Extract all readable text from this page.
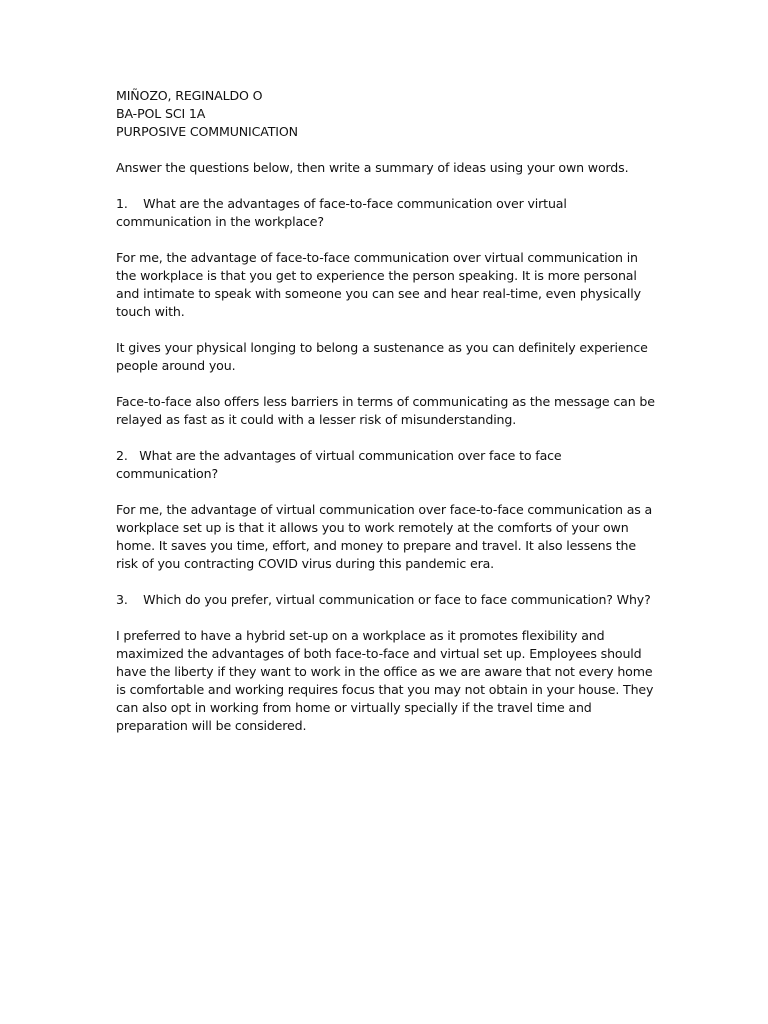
MIÑOZO, REGINALDO O
BA-POL SCI 1A
PURPOSIVE COMMUNICATION

Answer the questions below, then write a summary of ideas using your own words.

1. What are the advantages of face-to-face communication over virtual communication in the workplace?

For me, the advantage of face-to-face communication over virtual communication in the workplace is that you get to experience the person speaking. It is more personal and intimate to speak with someone you can see and hear real-time, even physically touch with.

It gives your physical longing to belong a sustenance as you can definitely experience people around you.

Face-to-face also offers less barriers in terms of communicating as the message can be relayed as fast as it could with a lesser risk of misunderstanding.

2. What are the advantages of virtual communication over face to face communication?

For me, the advantage of virtual communication over face-to-face communication as a workplace set up is that it allows you to work remotely at the comforts of your own home. It saves you time, effort, and money to prepare and travel. It also lessens the risk of you contracting COVID virus during this pandemic era.

3. Which do you prefer, virtual communication or face to face communication? Why?

I preferred to have a hybrid set-up on a workplace as it promotes flexibility and maximized the advantages of both face-to-face and virtual set up. Employees should have the liberty if they want to work in the office as we are aware that not every home is comfortable and working requires focus that you may not obtain in your house. They can also opt in working from home or virtually specially if the travel time and preparation will be considered.
